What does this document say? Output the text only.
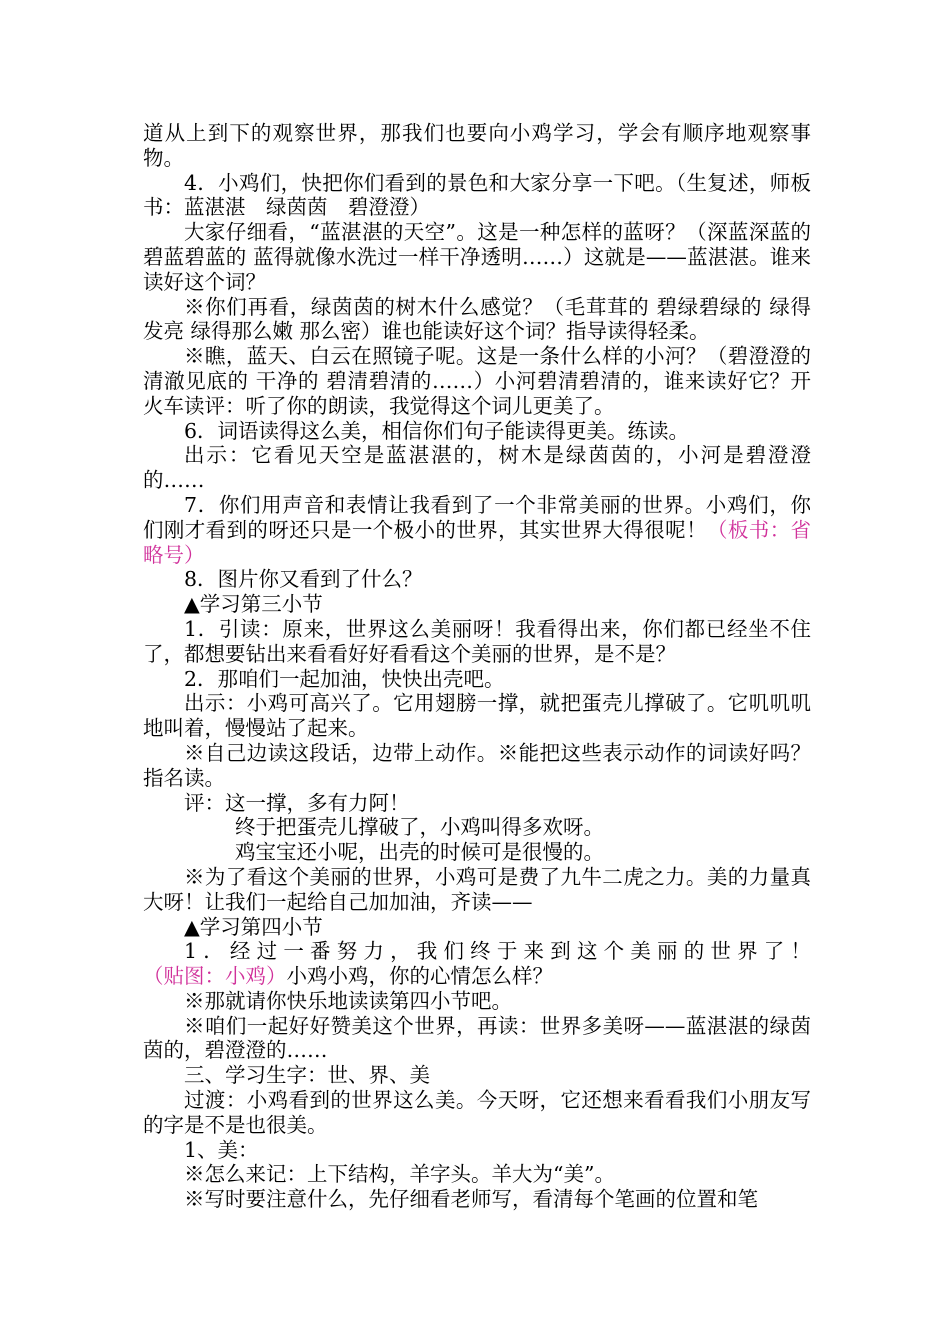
道从上到下的观察世界，那我们也要向小鸡学习，学会有顺序地观察事物。

4．小鸡们，快把你们看到的景色和大家分享一下吧。（生复述，师板书：蓝湛湛　绿茵茵　碧澄澄）

大家仔细看，“蓝湛湛的天空”。这是一种怎样的蓝呀？（深蓝深蓝的 碧蓝碧蓝的 蓝得就像水洗过一样干净透明……）这就是——蓝湛湛。谁来读好这个词？

※你们再看，绿茵茵的树木什么感觉？（毛茸茸的 碧绿碧绿的 绿得发亮 绿得那么嫩 那么密）谁也能读好这个词？指导读得轻柔。

※瞧，蓝天、白云在照镜子呢。这是一条什么样的小河？（碧澄澄的 清澈见底的 干净的 碧清碧清的……）小河碧清碧清的，谁来读好它？开火车读评：听了你的朗读，我觉得这个词儿更美了。

6．词语读得这么美，相信你们句子能读得更美。练读。

出示：它看见天空是蓝湛湛的，树木是绿茵茵的，小河是碧澄澄的……

7．你们用声音和表情让我看到了一个非常美丽的世界。小鸡们，你们刚才看到的呀还只是一个极小的世界，其实世界大得很呢！（板书：省略号）

8．图片你又看到了什么？

▲学习第三小节

1．引读：原来，世界这么美丽呀！我看得出来，你们都已经坐不住了，都想要钻出来看看好好看看这个美丽的世界，是不是？

2．那咱们一起加油，快快出壳吧。

出示：小鸡可高兴了。它用翅膀一撑，就把蛋壳儿撑破了。它叽叽叽地叫着，慢慢站了起来。

※自己边读这段话，边带上动作。※能把这些表示动作的词读好吗？指名读。

评：这一撑，多有力阿！

终于把蛋壳儿撑破了，小鸡叫得多欢呀。

鸡宝宝还小呢，出壳的时候可是很慢的。

※为了看这个美丽的世界，小鸡可是费了九牛二虎之力。美的力量真大呀！让我们一起给自己加加油，齐读——

▲学习第四小节

1．经过一番努力，我们终于来到这个美丽的世界了！（贴图：小鸡）小鸡小鸡，你的心情怎么样？

※那就请你快乐地读读第四小节吧。

※咱们一起好好赞美这个世界，再读：世界多美呀——蓝湛湛的绿茵茵的，碧澄澄的……

三、学习生字：世、界、美

过渡：小鸡看到的世界这么美。今天呀，它还想来看看我们小朋友写的字是不是也很美。

1、美：

※怎么来记：上下结构，羊字头。羊大为“美”。

※写时要注意什么，先仔细看老师写，看清每个笔画的位置和笔
